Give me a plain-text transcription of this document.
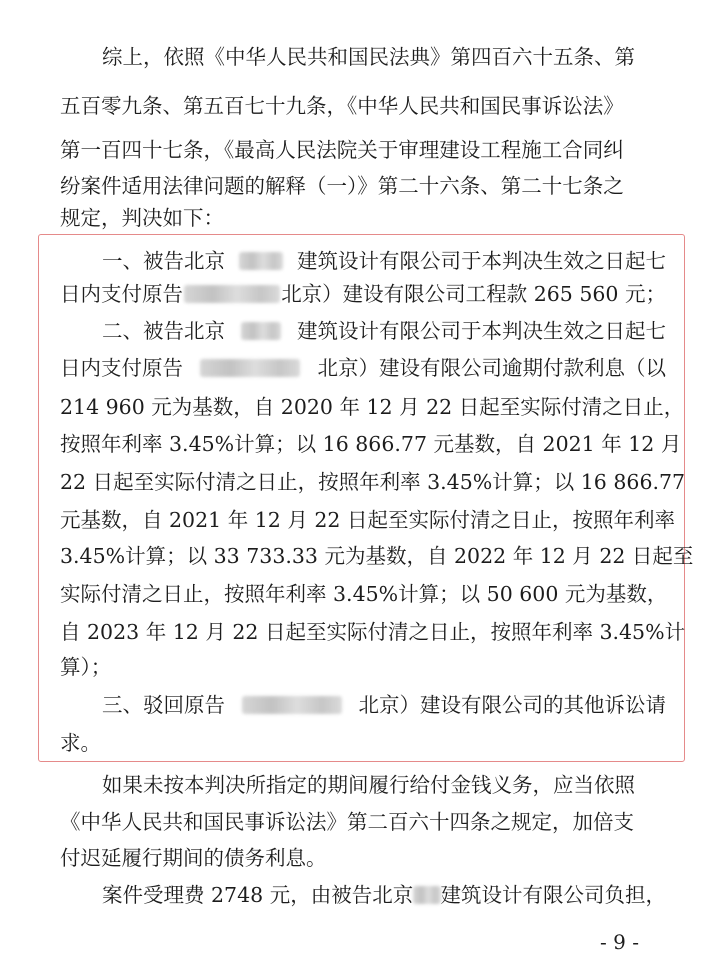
综上，依照《中华人民共和国民法典》第四百六十五条、第
五百零九条、第五百七十九条，《中华人民共和国民事诉讼法》
第一百四十七条，《最高人民法院关于审理建设工程施工合同纠
纷案件适用法律问题的解释（一）》第二十六条、第二十七条之
规定，判决如下：
一、被告北京	建筑设计有限公司于本判决生效之日起七
日内支付原告	北京）建设有限公司工程款 265 560 元；
二、被告北京	建筑设计有限公司于本判决生效之日起七
日内支付原告	北京）建设有限公司逾期付款利息（以
214 960 元为基数，自 2020 年 12 月 22 日起至实际付清之日止，
按照年利率 3.45%计算；以 16 866.77 元基数，自 2021 年 12 月
22 日起至实际付清之日止，按照年利率 3.45%计算；以 16 866.77
元基数，自 2021 年 12 月 22 日起至实际付清之日止，按照年利率
3.45%计算；以 33 733.33 元为基数，自 2022 年 12 月 22 日起至
实际付清之日止，按照年利率 3.45%计算；以 50 600 元为基数，
自 2023 年 12 月 22 日起至实际付清之日止，按照年利率 3.45%计
算）；
三、驳回原告	北京）建设有限公司的其他诉讼请
求。
如果未按本判决所指定的期间履行给付金钱义务，应当依照
《中华人民共和国民事诉讼法》第二百六十四条之规定，加倍支
付迟延履行期间的债务利息。
案件受理费 2748 元，由被告北京 建筑设计有限公司负担，
- 9 -
